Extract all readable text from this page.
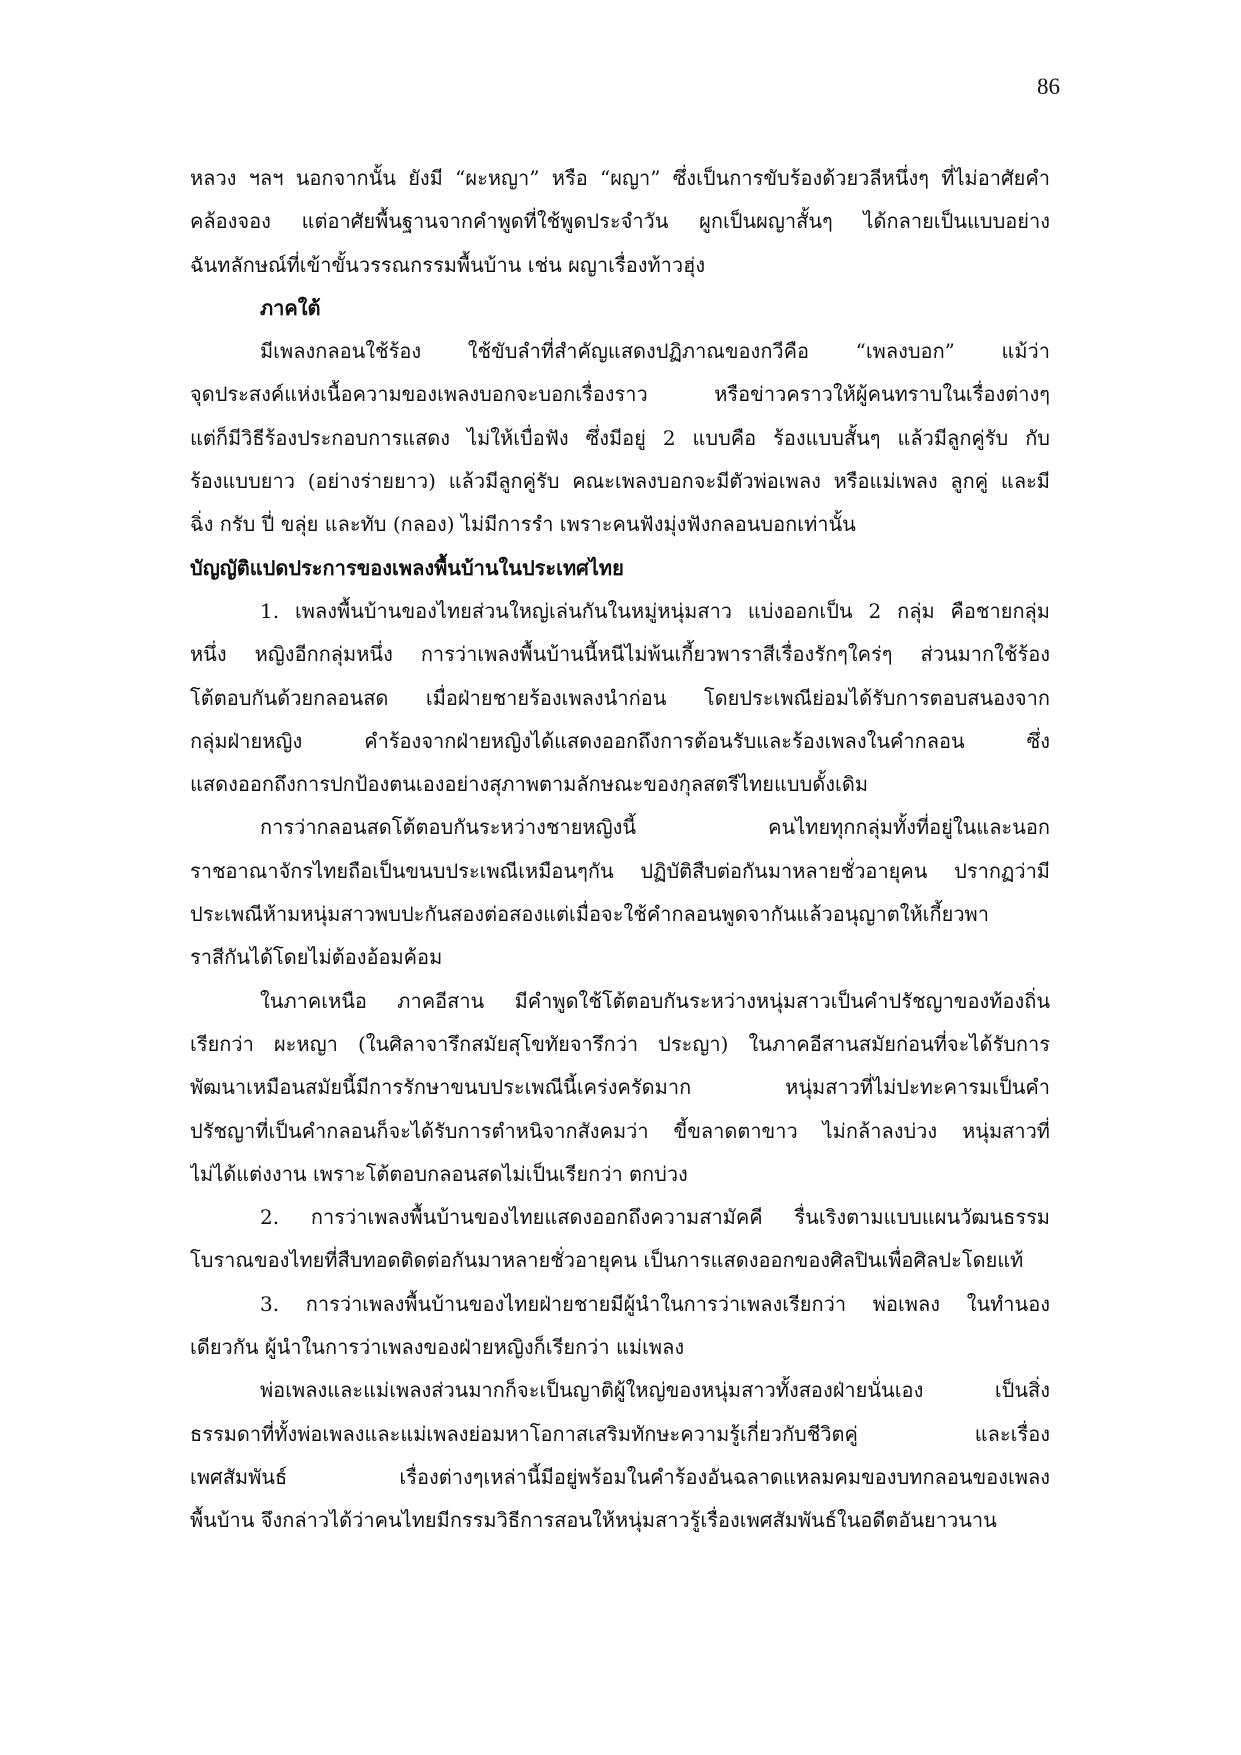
86
หลวง ฯลฯ นอกจากนั้น ยังมี “ผะหญา” หรือ “ผญา” ซึ่งเป็นการขับร้องด้วยวลีหนึ่งๆ ที่ไม่อาศัยคำ
คล้องจอง แต่อาศัยพื้นฐานจากคำพูดที่ใช้พูดประจำวัน ผูกเป็นผญาสั้นๆ ได้กลายเป็นแบบอย่าง
ฉันทลักษณ์ที่เข้าขั้นวรรณกรรมพื้นบ้าน เช่น ผญาเรื่องท้าวฮุ่ง
ภาคใต้
มีเพลงกลอนใช้ร้อง ใช้ขับลำที่สำคัญแสดงปฏิภาณของกวีคือ “เพลงบอก” แม้ว่า
จุดประสงค์แห่งเนื้อความของเพลงบอกจะบอกเรื่องราว หรือข่าวคราวให้ผู้คนทราบในเรื่องต่างๆ
แต่ก็มีวิธีร้องประกอบการแสดง ไม่ให้เบื่อฟัง ซึ่งมีอยู่ 2 แบบคือ ร้องแบบสั้นๆ แล้วมีลูกคู่รับ กับ
ร้องแบบยาว (อย่างร่ายยาว) แล้วมีลูกคู่รับ คณะเพลงบอกจะมีตัวพ่อเพลง หรือแม่เพลง ลูกคู่ และมี
ฉิ่ง กรับ ปี่ ขลุ่ย และทับ (กลอง) ไม่มีการรำ เพราะคนฟังมุ่งฟังกลอนบอกเท่านั้น
บัญญัติแปดประการของเพลงพื้นบ้านในประเทศไทย
1. เพลงพื้นบ้านของไทยส่วนใหญ่เล่นกันในหมู่หนุ่มสาว แบ่งออกเป็น 2 กลุ่ม คือชายกลุ่ม
หนึ่ง หญิงอีกกลุ่มหนึ่ง การว่าเพลงพื้นบ้านนี้หนีไม่พ้นเกี้ยวพาราสีเรื่องรักๆใคร่ๆ ส่วนมากใช้ร้อง
โต้ตอบกันด้วยกลอนสด เมื่อฝ่ายชายร้องเพลงนำก่อน โดยประเพณีย่อมได้รับการตอบสนองจาก
กลุ่มฝ่ายหญิง คำร้องจากฝ่ายหญิงได้แสดงออกถึงการต้อนรับและร้องเพลงในคำกลอน ซึ่ง
แสดงออกถึงการปกป้องตนเองอย่างสุภาพตามลักษณะของกุลสตรีไทยแบบดั้งเดิม
การว่ากลอนสดโต้ตอบกันระหว่างชายหญิงนี้ คนไทยทุกกลุ่มทั้งที่อยู่ในและนอก
ราชอาณาจักรไทยถือเป็นขนบประเพณีเหมือนๆกัน ปฏิบัติสืบต่อกันมาหลายชั่วอายุคน ปรากฏว่ามี
ประเพณีห้ามหนุ่มสาวพบปะกันสองต่อสองแต่เมื่อจะใช้คำกลอนพูดจากันแล้วอนุญาตให้เกี้ยวพา
ราสีกันได้โดยไม่ต้องอ้อมค้อม
ในภาคเหนือ ภาคอีสาน มีคำพูดใช้โต้ตอบกันระหว่างหนุ่มสาวเป็นคำปรัชญาของท้องถิ่น
เรียกว่า ผะหญา (ในศิลาจารึกสมัยสุโขทัยจารึกว่า ประญา) ในภาคอีสานสมัยก่อนที่จะได้รับการ
พัฒนาเหมือนสมัยนี้มีการรักษาขนบประเพณีนี้เคร่งครัดมาก หนุ่มสาวที่ไม่ปะทะคารมเป็นคำ
ปรัชญาที่เป็นคำกลอนก็จะได้รับการตำหนิจากสังคมว่า ขี้ขลาดตาขาว ไม่กล้าลงบ่วง หนุ่มสาวที่
ไม่ได้แต่งงาน เพราะโต้ตอบกลอนสดไม่เป็นเรียกว่า ตกบ่วง
2. การว่าเพลงพื้นบ้านของไทยแสดงออกถึงความสามัคคี รื่นเริงตามแบบแผนวัฒนธรรม
โบราณของไทยที่สืบทอดติดต่อกันมาหลายชั่วอายุคน เป็นการแสดงออกของศิลปินเพื่อศิลปะโดยแท้
3. การว่าเพลงพื้นบ้านของไทยฝ่ายชายมีผู้นำในการว่าเพลงเรียกว่า พ่อเพลง ในทำนอง
เดียวกัน ผู้นำในการว่าเพลงของฝ่ายหญิงก็เรียกว่า แม่เพลง
พ่อเพลงและแม่เพลงส่วนมากก็จะเป็นญาติผู้ใหญ่ของหนุ่มสาวทั้งสองฝ่ายนั่นเอง เป็นสิ่ง
ธรรมดาที่ทั้งพ่อเพลงและแม่เพลงย่อมหาโอกาสเสริมทักษะความรู้เกี่ยวกับชีวิตคู่ และเรื่อง
เพศสัมพันธ์ เรื่องต่างๆเหล่านี้มีอยู่พร้อมในคำร้องอันฉลาดแหลมคมของบทกลอนของเพลง
พื้นบ้าน จึงกล่าวได้ว่าคนไทยมีกรรมวิธีการสอนให้หนุ่มสาวรู้เรื่องเพศสัมพันธ์ในอดีตอันยาวนาน
